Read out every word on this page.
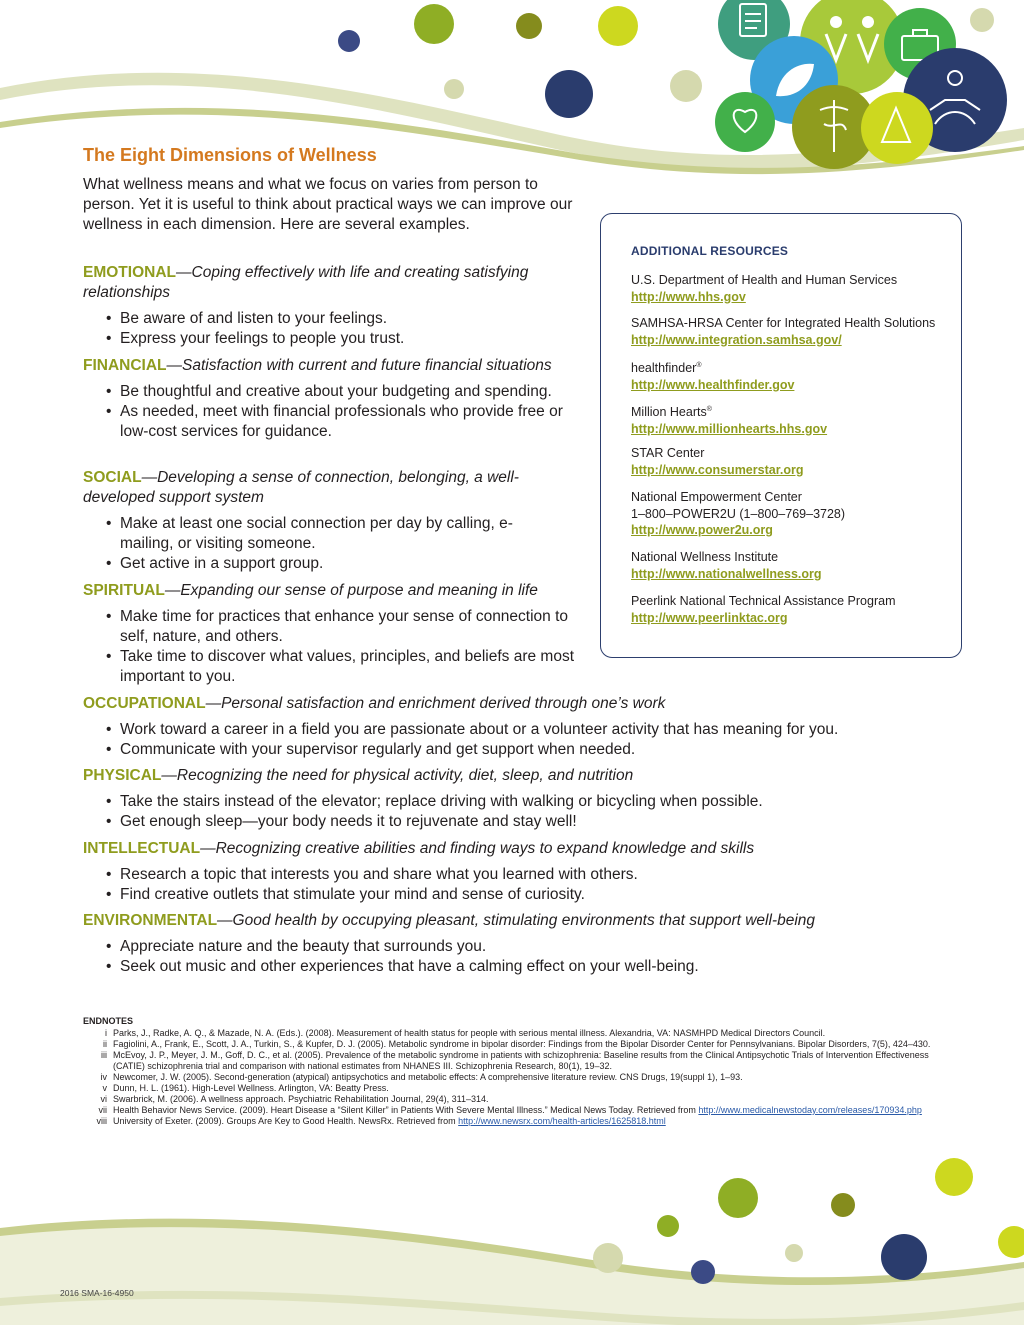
The Eight Dimensions of Wellness
What wellness means and what we focus on varies from person to person. Yet it is useful to think about practical ways we can improve our wellness in each dimension. Here are several examples.

EMOTIONAL—Coping effectively with life and creating satisfying relationships

• Be aware of and listen to your feelings.
• Express your feelings to people you trust.

FINANCIAL—Satisfaction with current and future financial situations

• Be thoughtful and creative about your budgeting and spending.
• As needed, meet with financial professionals who provide free or low-cost services for guidance.

SOCIAL—Developing a sense of connection, belonging, a well-developed support system

• Make at least one social connection per day by calling, e-mailing, or visiting someone.
• Get active in a support group.

SPIRITUAL—Expanding our sense of purpose and meaning in life

• Make time for practices that enhance your sense of connection to self, nature, and others.
• Take time to discover what values, principles, and beliefs are most important to you.

OCCUPATIONAL—Personal satisfaction and enrichment derived through one’s work

• Work toward a career in a field you are passionate about or a volunteer activity that has meaning for you.
• Communicate with your supervisor regularly and get support when needed.

PHYSICAL—Recognizing the need for physical activity, diet, sleep, and nutrition

• Take the stairs instead of the elevator; replace driving with walking or bicycling when possible.
• Get enough sleep—your body needs it to rejuvenate and stay well!

INTELLECTUAL—Recognizing creative abilities and finding ways to expand knowledge and skills

• Research a topic that interests you and share what you learned with others.
• Find creative outlets that stimulate your mind and sense of curiosity.

ENVIRONMENTAL—Good health by occupying pleasant, stimulating environments that support well-being

• Appreciate nature and the beauty that surrounds you.
• Seek out music and other experiences that have a calming effect on your well-being.
ADDITIONAL RESOURCES
U.S. Department of Health and Human Services
http://www.hhs.gov
SAMHSA-HRSA Center for Integrated Health Solutions
http://www.integration.samhsa.gov/
healthfinder®
http://www.healthfinder.gov
Million Hearts®
http://www.millionhearts.hhs.gov
STAR Center
http://www.consumerstar.org
National Empowerment Center
1–800–POWER2U (1–800–769–3728)
http://www.power2u.org
National Wellness Institute
http://www.nationalwellness.org
Peerlink National Technical Assistance Program
http://www.peerlinktac.org
ENDNOTES
i Parks, J., Radke, A. Q., & Mazade, N. A. (Eds.). (2008). Measurement of health status for people with serious mental illness. Alexandria, VA: NASMHPD Medical Directors Council.
ii Fagiolini, A., Frank, E., Scott, J. A., Turkin, S., & Kupfer, D. J. (2005). Metabolic syndrome in bipolar disorder: Findings from the Bipolar Disorder Center for Pennsylvanians. Bipolar Disorders, 7(5), 424–430.
iii McEvoy, J. P., Meyer, J. M., Goff, D. C., et al. (2005). Prevalence of the metabolic syndrome in patients with schizophrenia: Baseline results from the Clinical Antipsychotic Trials of Intervention Effectiveness (CATIE) schizophrenia trial and comparison with national estimates from NHANES III. Schizophrenia Research, 80(1), 19–32.
iv Newcomer, J. W. (2005). Second-generation (atypical) antipsychotics and metabolic effects: A comprehensive literature review. CNS Drugs, 19(suppl 1), 1–93.
v Dunn, H. L. (1961). High-Level Wellness. Arlington, VA: Beatty Press.
vi Swarbrick, M. (2006). A wellness approach. Psychiatric Rehabilitation Journal, 29(4), 311–314.
vii Health Behavior News Service. (2009). Heart Disease a “Silent Killer” in Patients With Severe Mental Illness.” Medical News Today. Retrieved from http://www.medicalnewstoday.com/releases/170934.php
viii University of Exeter. (2009). Groups Are Key to Good Health. NewsRx. Retrieved from http://www.newsrx.com/health-articles/1625818.html
2016 SMA-16-4950
